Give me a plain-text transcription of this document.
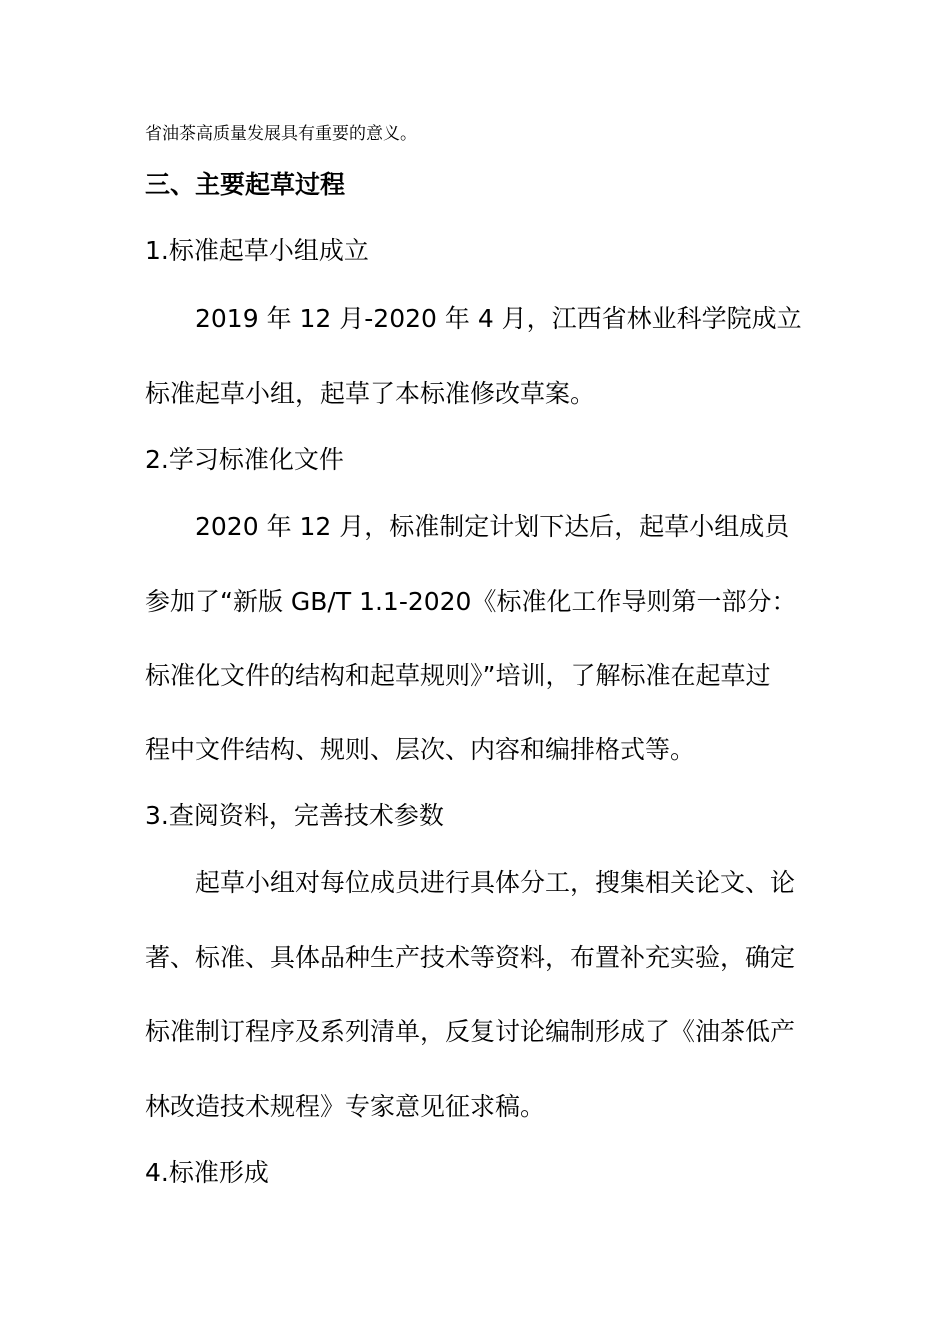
省油茶高质量发展具有重要的意义。
三、主要起草过程
1.标准起草小组成立
2019 年 12 月-2020 年 4 月，江西省林业科学院成立
标准起草小组，起草了本标准修改草案。
2.学习标准化文件
2020 年 12 月，标准制定计划下达后，起草小组成员
参加了“新版 GB/T 1.1-2020《标准化工作导则第一部分：
标准化文件的结构和起草规则》”培训，了解标准在起草过
程中文件结构、规则、层次、内容和编排格式等。
3.查阅资料，完善技术参数
起草小组对每位成员进行具体分工，搜集相关论文、论
著、标准、具体品种生产技术等资料，布置补充实验，确定
标准制订程序及系列清单，反复讨论编制形成了《油茶低产
林改造技术规程》专家意见征求稿。
4.标准形成
